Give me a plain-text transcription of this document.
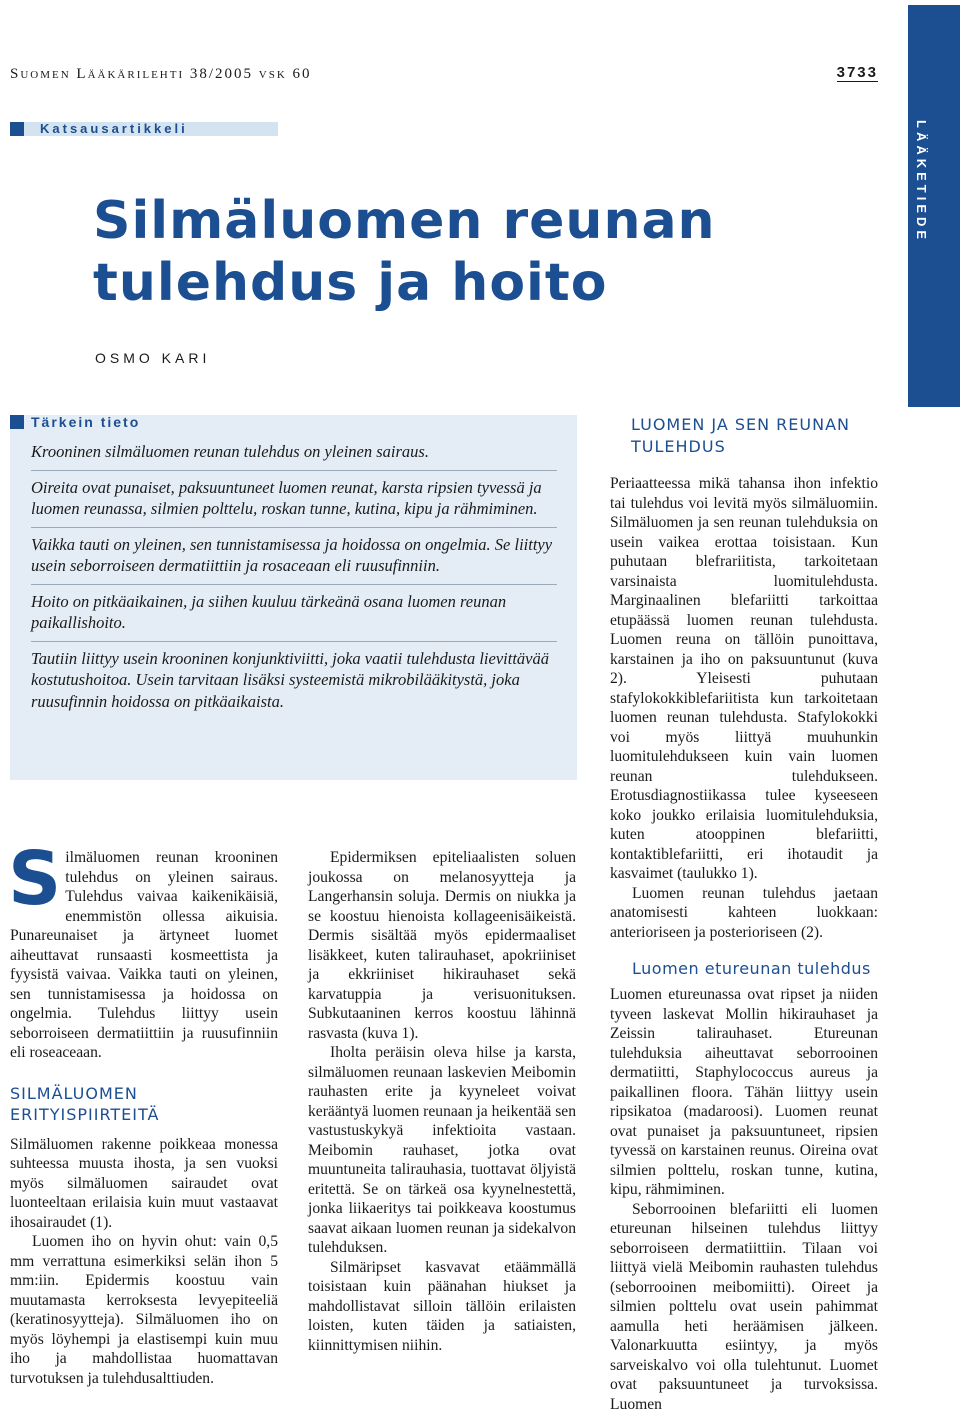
Suomen Lääkärilehti 38/2005 vsk 60	3733
Katsausartikkeli	LÄÄKETIEDE
Silmäluomen reunan
tulehdus ja hoito
OSMO KARI
Tärkein tieto
Krooninen silmäluomen reunan tulehdus on yleinen sairaus.
Oireita ovat punaiset, paksuuntuneet luomen reunat, karsta ripsien tyvessä ja luomen reunassa, silmien polttelu, roskan tunne, kutina, kipu ja rähmiminen.
Vaikka tauti on yleinen, sen tunnistamisessa ja hoidossa on ongelmia. Se liittyy usein seborroiseen dermatiittiin ja rosaceaan eli ruusufinniin.
Hoito on pitkäaikainen, ja siihen kuuluu tärkeänä osana luomen reunan paikallishoito.
Tautiin liittyy usein krooninen konjunktiviitti, joka vaatii tulehdusta lievittävää kostutushoitoa. Usein tarvitaan lisäksi systeemistä mikrobilääkitystä, joka ruusufinnin hoidossa on pitkäaikaista.

Silmäluomen reunan krooninen tulehdus on yleinen sairaus. Tulehdus vaivaa kaikenikäisiä, enemmistön ollessa aikuisia. Punareunaiset ja ärtyneet luomet aiheuttavat runsaasti kosmeettista ja fyysistä vaivaa. Vaikka tauti on yleinen, sen tunnistamisessa ja hoidossa on ongelmia. Tulehdus liittyy usein seborroiseen dermatiittiin ja ruusufinniin eli roseaceaan.

SILMÄLUOMEN
ERITYISPIIRTEITÄ

Silmäluomen rakenne poikkeaa monessa suhteessa muusta ihosta, ja sen vuoksi myös silmäluomen sairaudet ovat luonteeltaan erilaisia kuin muut vastaavat ihosairaudet (1).

Luomen iho on hyvin ohut: vain 0,5 mm verrattuna esimerkiksi selän ihon 5 mm:iin. Epidermis koostuu vain muutamasta kerroksesta levyepiteeliä (keratinosyytteja). Silmäluomen iho on myös löyhempi ja elastisempi kuin muu iho ja mahdollistaa huomattavan turvotuksen ja tulehdusalttiuden.

Epidermiksen epiteliaalisten soluen joukossa on melanosyytteja ja Langerhansin soluja. Dermis on niukka ja se koostuu hienoista kollageenisäikeistä. Dermis sisältää myös epidermaaliset lisäkkeet, kuten talirauhaset, apokriiniset ja ekkriiniset hikirauhaset sekä karvatuppia ja verisuonituksen. Subkutaaninen kerros koostuu lähinnä rasvasta (kuva 1).

Iholta peräisin oleva hilse ja karsta, silmäluomen reunaan laskevien Meibomin rauhasten erite ja kyyneleet voivat kerääntyä luomen reunaan ja heikentää sen vastustuskykyä infektioita vastaan. Meibomin rauhaset, jotka ovat muuntuneita talirauhasia, tuottavat öljyistä eritettä. Se on tärkeä osa kyynelnestettä, jonka liikaeritys tai poikkeava koostumus saavat aikaan luomen reunan ja sidekalvon tulehduksen.

Silmäripset kasvavat etäämmällä toisistaan kuin päänahan hiukset ja mahdollistavat silloin tällöin erilaisten loisten, kuten täiden ja satiaisten, kiinnittymisen niihin.

LUOMEN JA SEN REUNAN
TULEHDUS

Periaatteessa mikä tahansa ihon infektio tai tulehdus voi levitä myös silmäluomiin. Silmäluomen ja sen reunan tulehduksia on usein vaikea erottaa toisistaan. Kun puhutaan blefrariitista, tarkoitetaan varsinaista luomitulehdusta. Marginaalinen blefariitti tarkoittaa etupäässä luomen reunan tulehdusta. Luomen reuna on tällöin punoittava, karstainen ja iho on paksuuntunut (kuva 2). Yleisesti puhutaan stafylokokkiblefariitista kun tarkoitetaan luomen reunan tulehdusta. Stafylokokki voi myös liittyä muuhunkin luomitulehdukseen kuin vain luomen reunan tulehdukseen. Erotusdiagnostiikassa tulee kyseeseen koko joukko erilaisia luomitulehduksia, kuten atooppinen blefariitti, kontaktiblefariitti, eri ihotaudit ja kasvaimet (taulukko 1).

Luomen reunan tulehdus jaetaan anatomisesti kahteen luokkaan: anterioriseen ja posterioriseen (2).

Luomen etureunan tulehdus

Luomen etureunassa ovat ripset ja niiden tyveen laskevat Mollin hikirauhaset ja Zeissin talirauhaset. Etureunan tulehduksia aiheuttavat seborrooinen dermatiitti, Staphylococcus aureus ja paikallinen floora. Tähän liittyy usein ripsikatoa (madaroosi). Luomen reunat ovat punaiset ja paksuuntuneet, ripsien tyvessä on karstainen reunus. Oireina ovat silmien polttelu, roskan tunne, kutina, kipu, rähmiminen.

Seborrooinen blefariitti eli luomen etureunan hilseinen tulehdus liittyy seborroiseen dermatiittiin. Tilaan voi liittyä vielä Meibomin rauhasten tulehdus (seborrooinen meibomiitti). Oireet ja silmien polttelu ovat usein pahimmat aamulla heti heräämisen jälkeen. Valonarkuutta esiintyy, ja myös sarveiskalvo voi olla tulehtunut. Luomet ovat paksuuntuneet ja turvoksissa. Luomen
